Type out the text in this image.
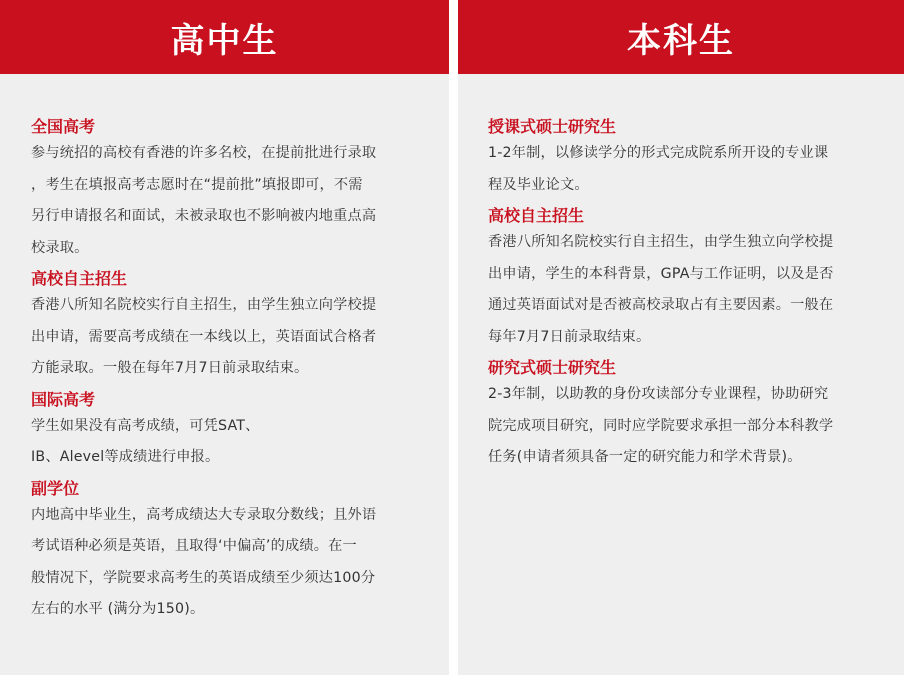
高中生

全国高考

参与统招的高校有香港的许多名校，在提前批进行录取

，考生在填报高考志愿时在“提前批”填报即可，不需

另行申请报名和面试，未被录取也不影响被内地重点高

校录取。

高校自主招生

香港八所知名院校实行自主招生，由学生独立向学校提

出申请，需要高考成绩在一本线以上，英语面试合格者

方能录取。一般在每年7月7日前录取结束。

国际高考

学生如果没有高考成绩，可凭SAT、

IB、Alevel等成绩进行申报。

副学位

内地高中毕业生，高考成绩达大专录取分数线；且外语

考试语种必须是英语，且取得‘中偏高’的成绩。在一

般情况下，学院要求高考生的英语成绩至少须达100分

左右的水平 (满分为150)。

本科生

授课式硕士研究生

1-2年制，以修读学分的形式完成院系所开设的专业课

程及毕业论文。

高校自主招生

香港八所知名院校实行自主招生，由学生独立向学校提

出申请，学生的本科背景，GPA与工作证明，以及是否

通过英语面试对是否被高校录取占有主要因素。一般在

每年7月7日前录取结束。

研究式硕士研究生

2-3年制，以助教的身份攻读部分专业课程，协助研究

院完成项目研究，同时应学院要求承担一部分本科教学

任务(申请者须具备一定的研究能力和学术背景)。
